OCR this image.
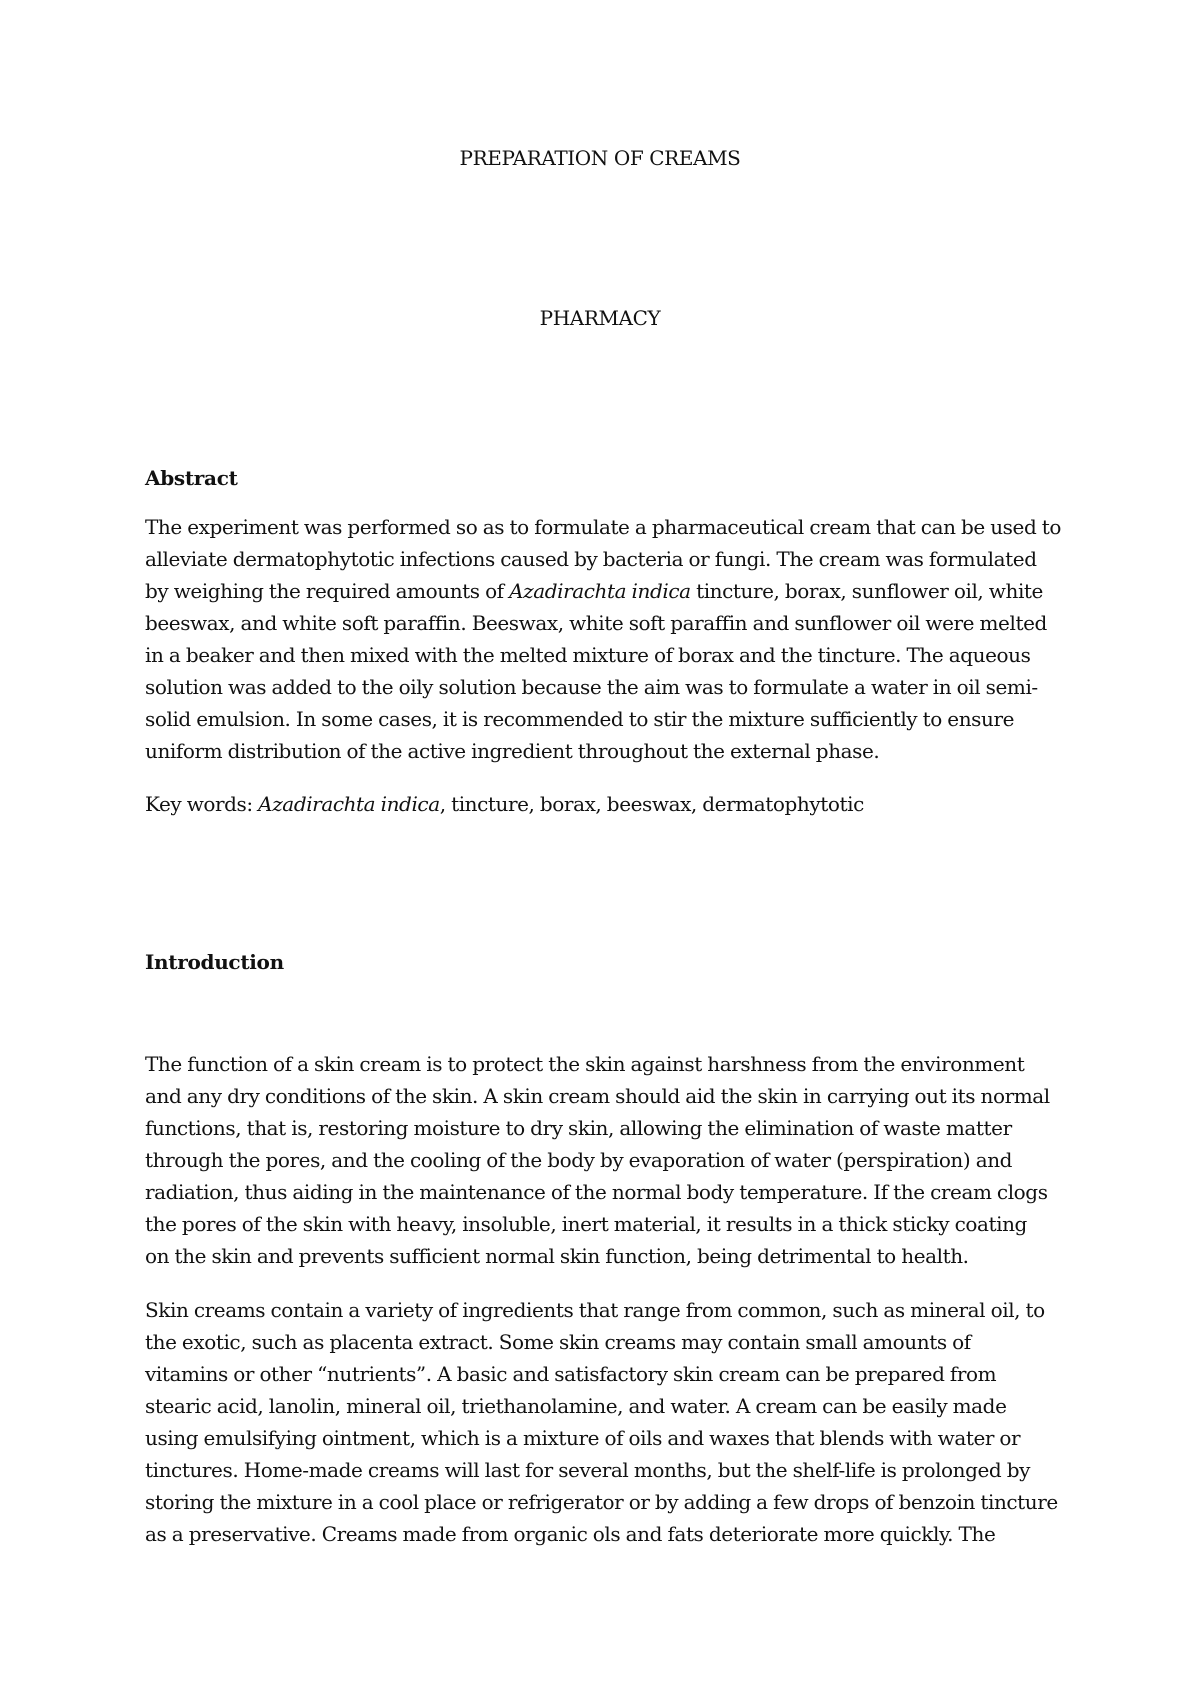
PREPARATION OF CREAMS

PHARMACY

Abstract

The experiment was performed so as to formulate a pharmaceutical cream that can be used to
alleviate dermatophytotic infections caused by bacteria or fungi. The cream was formulated
by weighing the required amounts of Azadirachta indica tincture, borax, sunflower oil, white
beeswax, and white soft paraffin. Beeswax, white soft paraffin and sunflower oil were melted
in a beaker and then mixed with the melted mixture of borax and the tincture. The aqueous
solution was added to the oily solution because the aim was to formulate a water in oil semi-
solid emulsion. In some cases, it is recommended to stir the mixture sufficiently to ensure
uniform distribution of the active ingredient throughout the external phase.
Key words: Azadirachta indica, tincture, borax, beeswax, dermatophytotic

Introduction

The function of a skin cream is to protect the skin against harshness from the environment
and any dry conditions of the skin. A skin cream should aid the skin in carrying out its normal
functions, that is, restoring moisture to dry skin, allowing the elimination of waste matter
through the pores, and the cooling of the body by evaporation of water (perspiration) and
radiation, thus aiding in the maintenance of the normal body temperature. If the cream clogs
the pores of the skin with heavy, insoluble, inert material, it results in a thick sticky coating
on the skin and prevents sufficient normal skin function, being detrimental to health.
Skin creams contain a variety of ingredients that range from common, such as mineral oil, to
the exotic, such as placenta extract. Some skin creams may contain small amounts of
vitamins or other “nutrients”. A basic and satisfactory skin cream can be prepared from
stearic acid, lanolin, mineral oil, triethanolamine, and water. A cream can be easily made
using emulsifying ointment, which is a mixture of oils and waxes that blends with water or
tinctures. Home-made creams will last for several months, but the shelf-life is prolonged by
storing the mixture in a cool place or refrigerator or by adding a few drops of benzoin tincture
as a preservative. Creams made from organic ols and fats deteriorate more quickly. The
